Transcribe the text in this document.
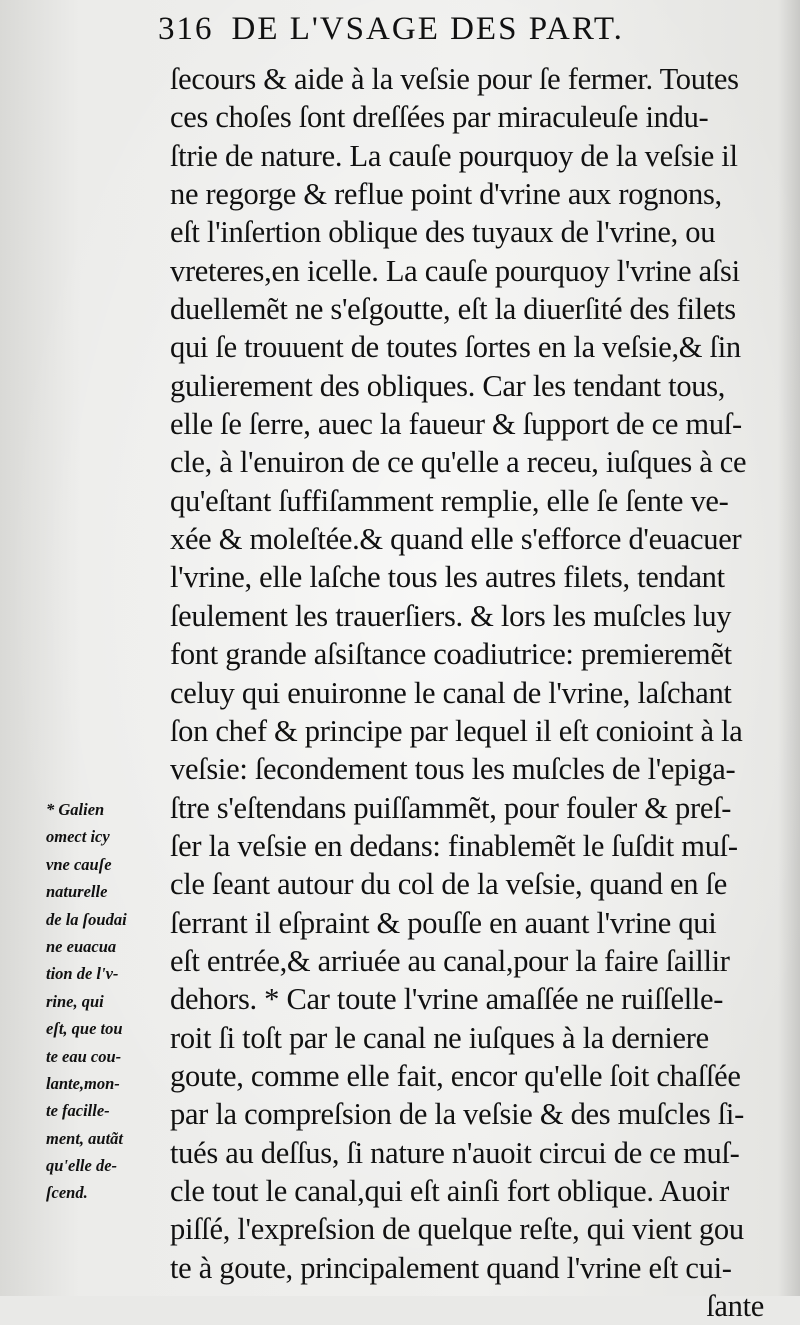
316 DE L'VSAGE DES PART.
ſecours & aide à la veſsie pour ſe fermer. Toutes
ces choſes ſont dreſſées par miraculeuſe indu-
ſtrie de nature. La cauſe pourquoy de la veſsie il
ne regorge & reflue point d'vrine aux rognons,
eſt l'inſertion oblique des tuyaux de l'vrine, ou
vreteres,en icelle. La cauſe pourquoy l'vrine aſsi
duellemẽt ne s'eſgoutte, eſt la diuerſité des filets
qui ſe trouuent de toutes ſortes en la veſsie,& ſin
gulierement des obliques. Car les tendant tous,
elle ſe ſerre, auec la faueur & ſupport de ce muſ-
cle, à l'enuiron de ce qu'elle a receu, iuſques à ce
qu'eſtant ſuffiſamment remplie, elle ſe ſente ve-
xée & moleſtée.& quand elle s'efforce d'euacuer
l'vrine, elle laſche tous les autres filets, tendant
ſeulement les trauerſiers. & lors les muſcles luy
font grande aſsiſtance coadiutrice: premieremẽt
celuy qui enuironne le canal de l'vrine, laſchant
ſon chef & principe par lequel il eſt conioint à la
veſsie: ſecondement tous les muſcles de l'epiga-
ſtre s'eſtendans puiſſammẽt, pour fouler & preſ-
ſer la veſsie en dedans: finablemẽt le ſuſdit muſ-
cle ſeant autour du col de la veſsie, quand en ſe
ſerrant il eſpraint & pouſſe en auant l'vrine qui
eſt entrée,& arriuée au canal,pour la faire ſaillir
dehors. * Car toute l'vrine amaſſée ne ruiſſelle-
roit ſi toſt par le canal ne iuſques à la derniere
goute, comme elle fait, encor qu'elle ſoit chaſſée
par la compreſsion de la veſsie & des muſcles ſi-
tués au deſſus, ſi nature n'auoit circui de ce muſ-
cle tout le canal,qui eſt ainſi fort oblique. Auoir
piſſé, l'expreſsion de quelque reſte, qui vient gou
te à goute, principalement quand l'vrine eſt cui-
ſante
* Galien
omect icy
vne cauſe
naturelle
de la ſoudai
ne euacua
tion de l'v-
rine, qui
eſt, que tou
te eau cou-
lante,mon-
te facille-
ment, autãt
qu'elle de-
ſcend.
